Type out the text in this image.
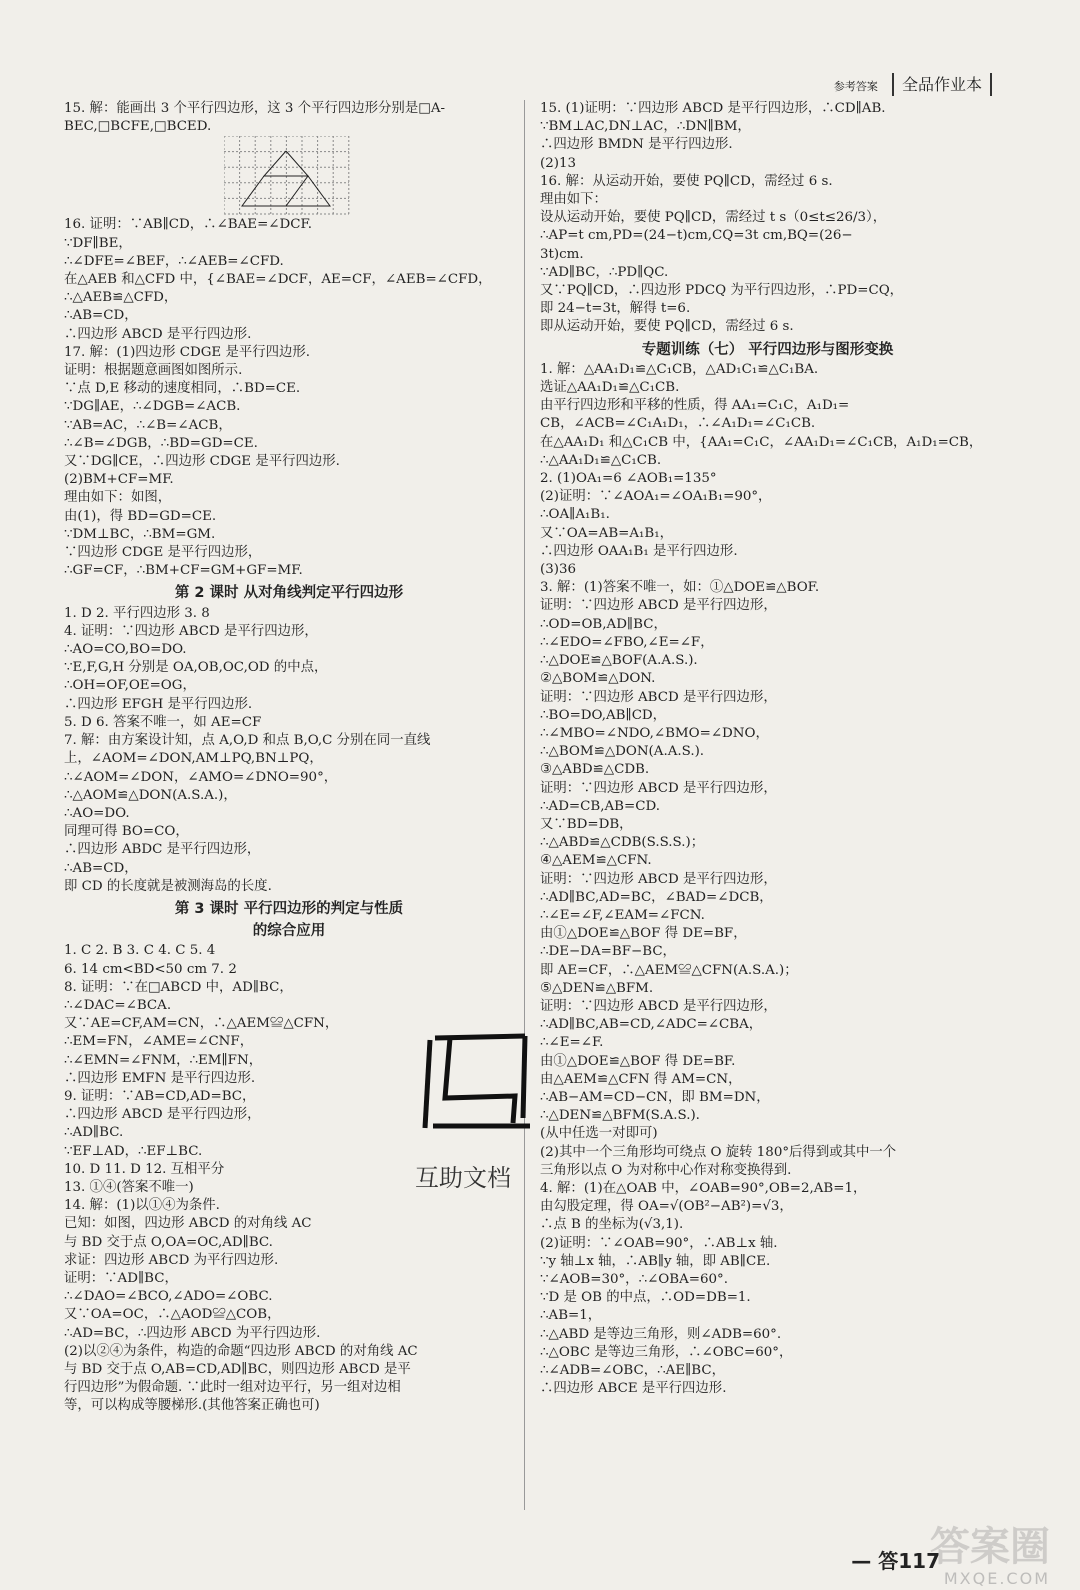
参考答案 全品作业本
15. 解：能画出 3 个平行四边形，这 3 个平行四边形分别是□A-
BEC,□BCFE,□BCED.
16. 证明：∵AB∥CD，∴∠BAE=∠DCF.
∵DF∥BE，
∴∠DFE=∠BEF，∴∠AEB=∠CFD.
在△AEB 和△CFD 中，{∠BAE=∠DCF，AE=CF，∠AEB=∠CFD，
∴△AEB≌△CFD，
∴AB=CD，
∴四边形 ABCD 是平行四边形.
17. 解：(1)四边形 CDGE 是平行四边形.
证明：根据题意画图如图所示.
∵点 D,E 移动的速度相同，∴BD=CE.
∵DG∥AE，∴∠DGB=∠ACB.
∵AB=AC，∴∠B=∠ACB，
∴∠B=∠DGB，∴BD=GD=CE.
又∵DG∥CE，∴四边形 CDGE 是平行四边形.
(2)BM+CF=MF.
理由如下：如图，
由(1)，得 BD=GD=CE.
∵DM⊥BC，∴BM=GM.
∵四边形 CDGE 是平行四边形，
∴GF=CF，∴BM+CF=GM+GF=MF.
第 2 课时 从对角线判定平行四边形
1. D 2. 平行四边形 3. 8
4. 证明：∵四边形 ABCD 是平行四边形，
∴AO=CO,BO=DO.
∵E,F,G,H 分别是 OA,OB,OC,OD 的中点，
∴OH=OF,OE=OG，
∴四边形 EFGH 是平行四边形.
5. D 6. 答案不唯一，如 AE=CF
7. 解：由方案设计知，点 A,O,D 和点 B,O,C 分别在同一直线
上，∠AOM=∠DON,AM⊥PQ,BN⊥PQ，
∴∠AOM=∠DON，∠AMO=∠DNO=90°，
∴△AOM≌△DON(A.S.A.)，
∴AO=DO.
同理可得 BO=CO，
∴四边形 ABDC 是平行四边形，
∴AB=CD，
即 CD 的长度就是被测海岛的长度.
第 3 课时 平行四边形的判定与性质
的综合应用
1. C 2. B 3. C 4. C 5. 4
6. 14 cm<BD<50 cm 7. 2
8. 证明：∵在□ABCD 中，AD∥BC，
∴∠DAC=∠BCA.
又∵AE=CF,AM=CN，∴△AEM≌△CFN，
∴EM=FN，∠AME=∠CNF，
∴∠EMN=∠FNM，∴EM∥FN，
∴四边形 EMFN 是平行四边形.
9. 证明：∵AB=CD,AD=BC，
∴四边形 ABCD 是平行四边形，
∴AD∥BC.
∵EF⊥AD，∴EF⊥BC.
10. D 11. D 12. 互相平分
13. ①④(答案不唯一)
14. 解：(1)以①④为条件.
已知：如图，四边形 ABCD 的对角线 AC
与 BD 交于点 O,OA=OC,AD∥BC.
求证：四边形 ABCD 为平行四边形.
证明：∵AD∥BC，
∴∠DAO=∠BCO,∠ADO=∠OBC.
又∵OA=OC，∴△AOD≌△COB，
∴AD=BC，∴四边形 ABCD 为平行四边形.
(2)以②④为条件，构造的命题“四边形 ABCD 的对角线 AC
与 BD 交于点 O,AB=CD,AD∥BC，则四边形 ABCD 是平
行四边形”为假命题. ∵此时一组对边平行，另一组对边相
等，可以构成等腰梯形.(其他答案正确也可)
15. (1)证明：∵四边形 ABCD 是平行四边形，∴CD∥AB.
∵BM⊥AC,DN⊥AC，∴DN∥BM，
∴四边形 BMDN 是平行四边形.
(2)13
16. 解：从运动开始，要使 PQ∥CD，需经过 6 s.
理由如下：
设从运动开始，要使 PQ∥CD，需经过 t s（0≤t≤26/3），
∴AP=t cm,PD=(24−t)cm,CQ=3t cm,BQ=(26−
3t)cm.
∵AD∥BC，∴PD∥QC.
又∵PQ∥CD，∴四边形 PDCQ 为平行四边形，∴PD=CQ，
即 24−t=3t，解得 t=6.
即从运动开始，要使 PQ∥CD，需经过 6 s.
专题训练（七） 平行四边形与图形变换
1. 解：△AA₁D₁≌△C₁CB，△AD₁C₁≌△C₁BA.
选证△AA₁D₁≌△C₁CB.
由平行四边形和平移的性质，得 AA₁=C₁C，A₁D₁=
CB，∠ACB=∠C₁A₁D₁，∴∠A₁D₁=∠C₁CB.
在△AA₁D₁ 和△C₁CB 中，{AA₁=C₁C，∠AA₁D₁=∠C₁CB，A₁D₁=CB，
∴△AA₁D₁≌△C₁CB.
2. (1)OA₁=6 ∠AOB₁=135°
(2)证明：∵∠AOA₁=∠OA₁B₁=90°，
∴OA∥A₁B₁.
又∵OA=AB=A₁B₁，
∴四边形 OAA₁B₁ 是平行四边形.
(3)36
3. 解：(1)答案不唯一，如：①△DOE≌△BOF.
证明：∵四边形 ABCD 是平行四边形，
∴OD=OB,AD∥BC，
∴∠EDO=∠FBO,∠E=∠F，
∴△DOE≌△BOF(A.A.S.).
②△BOM≌△DON.
证明：∵四边形 ABCD 是平行四边形，
∴BO=DO,AB∥CD，
∴∠MBO=∠NDO,∠BMO=∠DNO，
∴△BOM≌△DON(A.A.S.).
③△ABD≌△CDB.
证明：∵四边形 ABCD 是平行四边形，
∴AD=CB,AB=CD.
又∵BD=DB，
∴△ABD≌△CDB(S.S.S.)；
④△AEM≌△CFN.
证明：∵四边形 ABCD 是平行四边形，
∴AD∥BC,AD=BC，∠BAD=∠DCB，
∴∠E=∠F,∠EAM=∠FCN.
由①△DOE≌△BOF 得 DE=BF，
∴DE−DA=BF−BC，
即 AE=CF，∴△AEM≌△CFN(A.S.A.)；
⑤△DEN≌△BFM.
证明：∵四边形 ABCD 是平行四边形，
∴AD∥BC,AB=CD,∠ADC=∠CBA，
∴∠E=∠F.
由①△DOE≌△BOF 得 DE=BF.
由△AEM≌△CFN 得 AM=CN，
∴AB−AM=CD−CN，即 BM=DN，
∴△DEN≌△BFM(S.A.S.).
(从中任选一对即可)
(2)其中一个三角形均可绕点 O 旋转 180°后得到或其中一个
三角形以点 O 为对称中心作对称变换得到.
4. 解：(1)在△OAB 中，∠OAB=90°,OB=2,AB=1，
由勾股定理，得 OA=√(OB²−AB²)=√3，
∴点 B 的坐标为(√3,1).
(2)证明：∵∠OAB=90°，∴AB⊥x 轴.
∵y 轴⊥x 轴，∴AB∥y 轴，即 AB∥CE.
∵∠AOB=30°，∴∠OBA=60°.
∵D 是 OB 的中点，∴OD=DB=1.
∴AB=1，
∴△ABD 是等边三角形，则∠ADB=60°.
∴△OBC 是等边三角形，∴∠OBC=60°，
∴∠ADB=∠OBC，∴AE∥BC，
∴四边形 ABCE 是平行四边形.
互助文档
— 答117
答案圈
MXQE.COM
